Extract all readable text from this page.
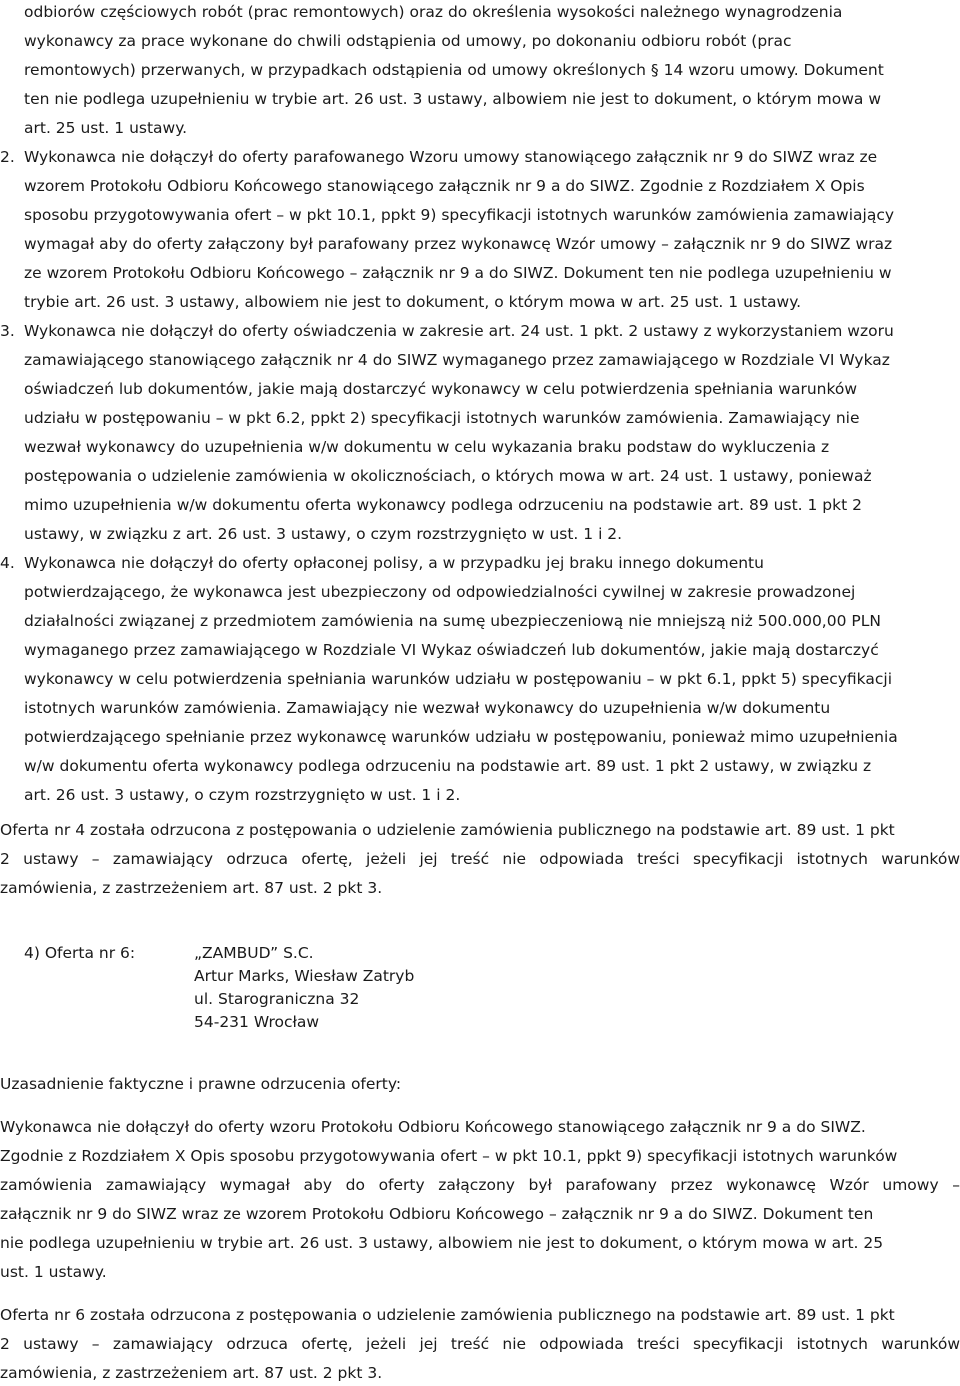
odbiorów częściowych robót (prac remontowych) oraz do określenia wysokości należnego wynagrodzenia
wykonawcy za prace wykonane do chwili odstąpienia od umowy, po dokonaniu odbioru robót (prac
remontowych) przerwanych, w przypadkach odstąpienia od umowy określonych § 14 wzoru umowy. Dokument
ten nie podlega uzupełnieniu w trybie art. 26 ust. 3 ustawy, albowiem nie jest to dokument, o którym mowa w
art. 25 ust. 1 ustawy.
2. Wykonawca nie dołączył do oferty parafowanego Wzoru umowy stanowiącego załącznik nr 9 do SIWZ wraz ze
wzorem Protokołu Odbioru Końcowego stanowiącego załącznik nr 9 a do SIWZ. Zgodnie z Rozdziałem X Opis
sposobu przygotowywania ofert – w pkt 10.1, ppkt 9) specyfikacji istotnych warunków zamówienia zamawiający
wymagał aby do oferty załączony był parafowany przez wykonawcę Wzór umowy – załącznik nr 9 do SIWZ wraz
ze wzorem Protokołu Odbioru Końcowego – załącznik nr 9 a do SIWZ. Dokument ten nie podlega uzupełnieniu w
trybie art. 26 ust. 3 ustawy, albowiem nie jest to dokument, o którym mowa w art. 25 ust. 1 ustawy.
3. Wykonawca nie dołączył do oferty oświadczenia w zakresie art. 24 ust. 1 pkt. 2 ustawy z wykorzystaniem wzoru
zamawiającego stanowiącego załącznik nr 4 do SIWZ wymaganego przez zamawiającego w Rozdziale VI Wykaz
oświadczeń lub dokumentów, jakie mają dostarczyć wykonawcy w celu potwierdzenia spełniania warunków
udziału w postępowaniu – w pkt 6.2, ppkt 2) specyfikacji istotnych warunków zamówienia. Zamawiający nie
wezwał wykonawcy do uzupełnienia w/w dokumentu w celu wykazania braku podstaw do wykluczenia z
postępowania o udzielenie zamówienia w okolicznościach, o których mowa w art. 24 ust. 1 ustawy, ponieważ
mimo uzupełnienia w/w dokumentu oferta wykonawcy podlega odrzuceniu na podstawie art. 89 ust. 1 pkt 2
ustawy, w związku z art. 26 ust. 3 ustawy, o czym rozstrzygnięto w ust. 1 i 2.
4. Wykonawca nie dołączył do oferty opłaconej polisy, a w przypadku jej braku innego dokumentu
potwierdzającego, że wykonawca jest ubezpieczony od odpowiedzialności cywilnej w zakresie prowadzonej
działalności związanej z przedmiotem zamówienia na sumę ubezpieczeniową nie mniejszą niż 500.000,00 PLN
wymaganego przez zamawiającego w Rozdziale VI Wykaz oświadczeń lub dokumentów, jakie mają dostarczyć
wykonawcy w celu potwierdzenia spełniania warunków udziału w postępowaniu – w pkt 6.1, ppkt 5) specyfikacji
istotnych warunków zamówienia. Zamawiający nie wezwał wykonawcy do uzupełnienia w/w dokumentu
potwierdzającego spełnianie przez wykonawcę warunków udziału w postępowaniu, ponieważ mimo uzupełnienia
w/w dokumentu oferta wykonawcy podlega odrzuceniu na podstawie art. 89 ust. 1 pkt 2 ustawy, w związku z
art. 26 ust. 3 ustawy, o czym rozstrzygnięto w ust. 1 i 2.
Oferta nr 4 została odrzucona z postępowania o udzielenie zamówienia publicznego na podstawie art. 89 ust. 1 pkt
2 ustawy – zamawiający odrzuca ofertę, jeżeli jej treść nie odpowiada treści specyfikacji istotnych warunków
zamówienia, z zastrzeżeniem art. 87 ust. 2 pkt 3.
4) Oferta nr 6:	„ZAMBUD” S.C.
Artur Marks, Wiesław Zatryb
ul. Starograniczna 32
54-231 Wrocław
Uzasadnienie faktyczne i prawne odrzucenia oferty:
Wykonawca nie dołączył do oferty wzoru Protokołu Odbioru Końcowego stanowiącego załącznik nr 9 a do SIWZ.
Zgodnie z Rozdziałem X Opis sposobu przygotowywania ofert – w pkt 10.1, ppkt 9) specyfikacji istotnych warunków
zamówienia zamawiający wymagał aby do oferty załączony był parafowany przez wykonawcę Wzór umowy –
załącznik nr 9 do SIWZ wraz ze wzorem Protokołu Odbioru Końcowego – załącznik nr 9 a do SIWZ. Dokument ten
nie podlega uzupełnieniu w trybie art. 26 ust. 3 ustawy, albowiem nie jest to dokument, o którym mowa w art. 25
ust. 1 ustawy.
Oferta nr 6 została odrzucona z postępowania o udzielenie zamówienia publicznego na podstawie art. 89 ust. 1 pkt
2 ustawy – zamawiający odrzuca ofertę, jeżeli jej treść nie odpowiada treści specyfikacji istotnych warunków
zamówienia, z zastrzeżeniem art. 87 ust. 2 pkt 3.
